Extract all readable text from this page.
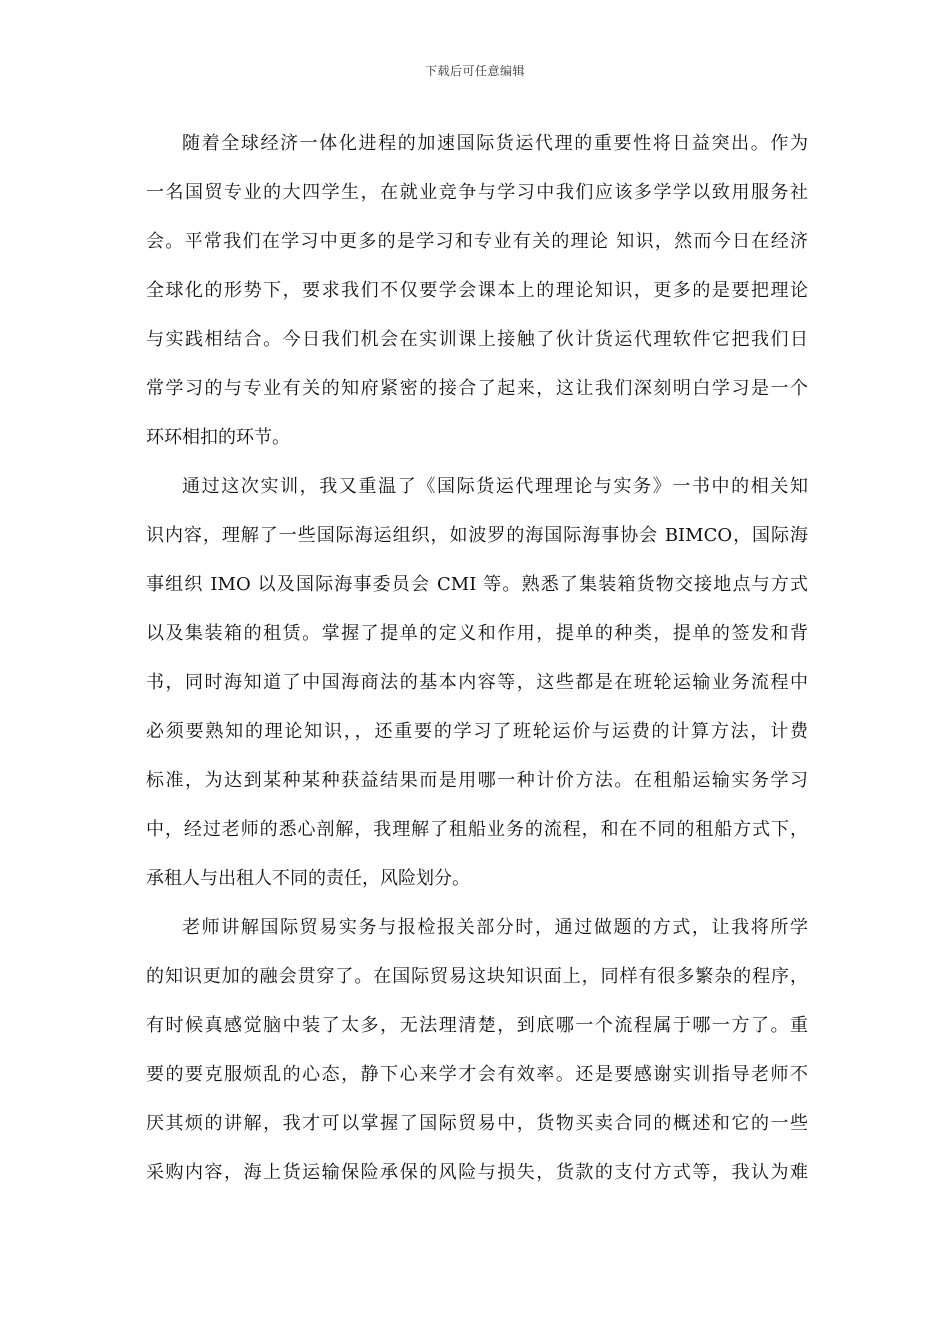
下载后可任意编辑
随着全球经济一体化进程的加速国际货运代理的重要性将日益突出。作为
一名国贸专业的大四学生，在就业竞争与学习中我们应该多学学以致用服务社
会。平常我们在学习中更多的是学习和专业有关的理论 知识，然而今日在经济
全球化的形势下，要求我们不仅要学会课本上的理论知识，更多的是要把理论
与实践相结合。今日我们机会在实训课上接触了伙计货运代理软件它把我们日
常学习的与专业有关的知府紧密的接合了起来，这让我们深刻明白学习是一个
环环相扣的环节。
通过这次实训，我又重温了《国际货运代理理论与实务》一书中的相关知
识内容，理解了一些国际海运组织，如波罗的海国际海事协会 BIMCO，国际海
事组织 IMO 以及国际海事委员会 CMI 等。熟悉了集装箱货物交接地点与方式
以及集装箱的租赁。掌握了提单的定义和作用，提单的种类，提单的签发和背
书，同时海知道了中国海商法的基本内容等，这些都是在班轮运输业务流程中
必须要熟知的理论知识，，还重要的学习了班轮运价与运费的计算方法，计费
标准，为达到某种某种获益结果而是用哪一种计价方法。在租船运输实务学习
中，经过老师的悉心剖解，我理解了租船业务的流程，和在不同的租船方式下，
承租人与出租人不同的责任，风险划分。
老师讲解国际贸易实务与报检报关部分时，通过做题的方式，让我将所学
的知识更加的融会贯穿了。在国际贸易这块知识面上，同样有很多繁杂的程序，
有时候真感觉脑中装了太多，无法理清楚，到底哪一个流程属于哪一方了。重
要的要克服烦乱的心态，静下心来学才会有效率。还是要感谢实训指导老师不
厌其烦的讲解，我才可以掌握了国际贸易中，货物买卖合同的概述和它的一些
采购内容，海上货运输保险承保的风险与损失，货款的支付方式等，我认为难
